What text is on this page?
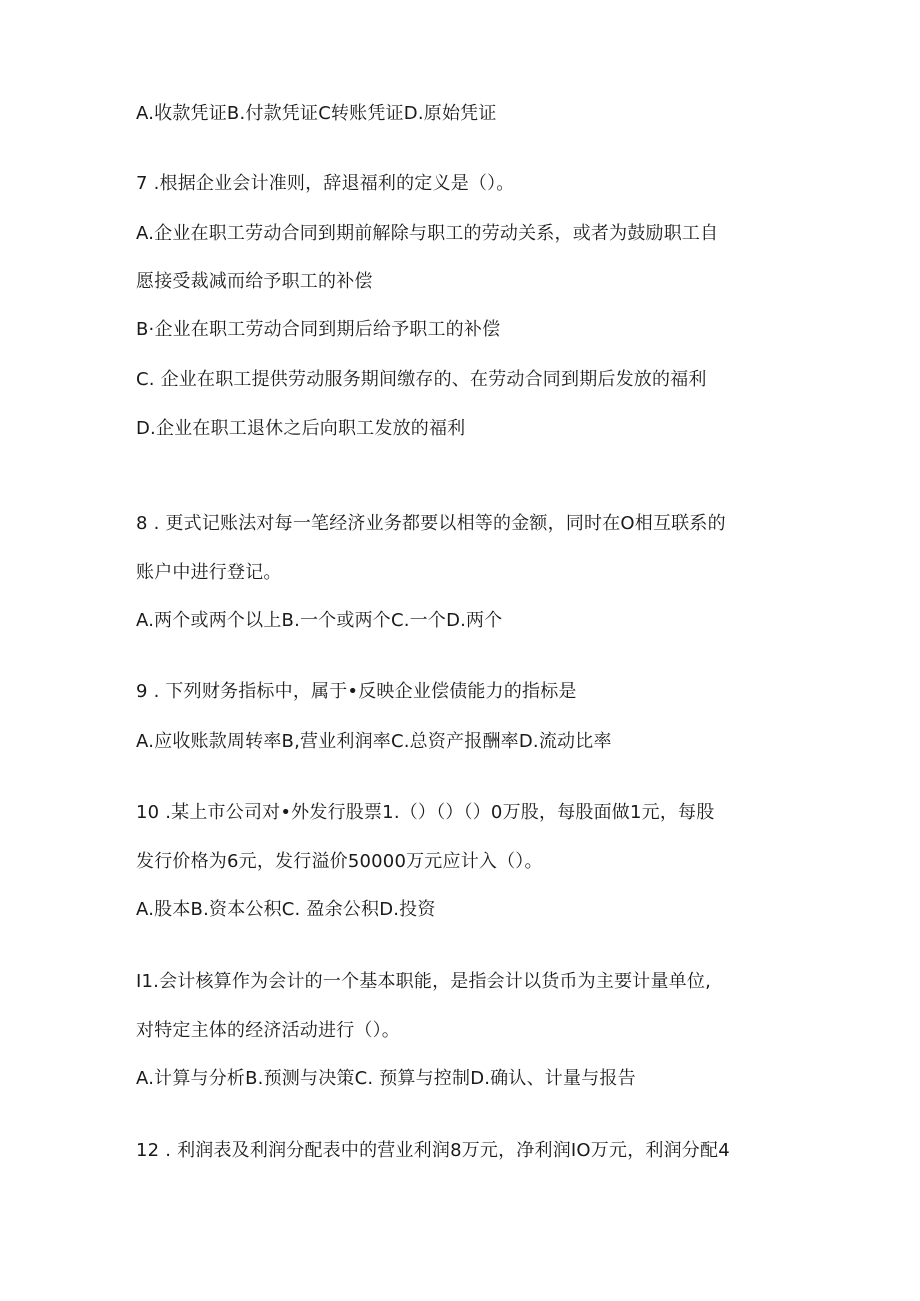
A.收款凭证B.付款凭证C转账凭证D.原始凭证
7 .根据企业会计准则，辞退福利的定义是（）。
A.企业在职工劳动合同到期前解除与职工的劳动关系，或者为鼓励职工自
愿接受裁减而给予职工的补偿
B·企业在职工劳动合同到期后给予职工的补偿
C. 企业在职工提供劳动服务期间缴存的、在劳动合同到期后发放的福利
D.企业在职工退休之后向职工发放的福利
8 . 更式记账法对每一笔经济业务都要以相等的金额，同时在O相互联系的
账户中进行登记。
A.两个或两个以上B.一个或两个C.一个D.两个
9 . 下列财务指标中，属于•反映企业偿债能力的指标是
A.应收账款周转率B,营业利润率C.总资产报酬率D.流动比率
10 .某上市公司对•外发行股票1.（）（）（）0万股，每股面做1元，每股
发行价格为6元，发行溢价50000万元应计入（）。
A.股本B.资本公积C. 盈余公积D.投资
I1.会计核算作为会计的一个基本职能，是指会计以货币为主要计量单位,
对特定主体的经济活动进行（）。
A.计算与分析B.预测与决策C. 预算与控制D.确认、计量与报告
12 . 利润表及利润分配表中的营业利润8万元，净利润IO万元，利润分配4
